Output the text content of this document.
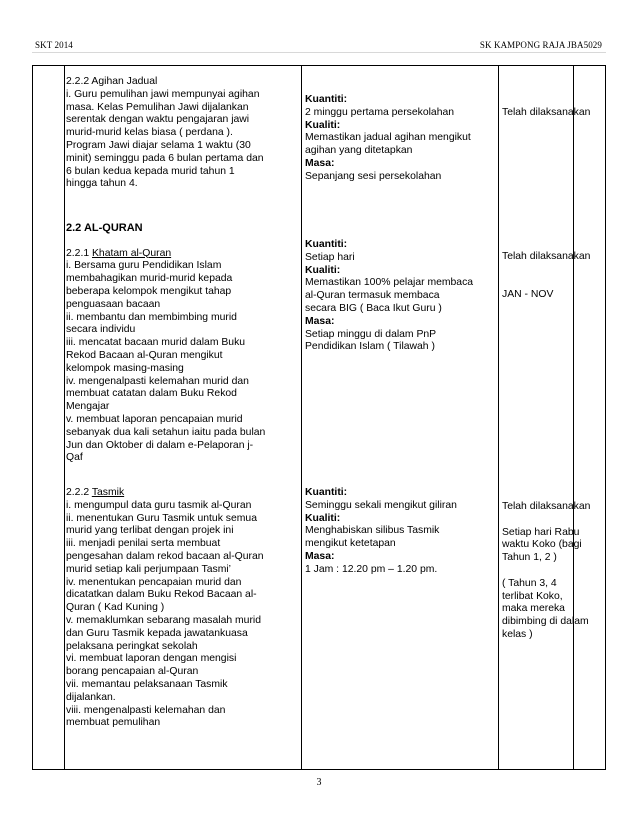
SKT 2014	SK KAMPONG RAJA JBA5029
2.2.2 Agihan Jadual
i. Guru pemulihan jawi mempunyai agihan
masa. Kelas Pemulihan Jawi dijalankan
serentak dengan waktu pengajaran jawi
murid-murid kelas biasa ( perdana ).
Program Jawi diajar selama 1 waktu (30
minit) seminggu pada 6 bulan pertama dan
6 bulan kedua kepada murid tahun 1
hingga tahun 4.
2.2 AL-QURAN
2.2.1 Khatam al-Quran
i. Bersama guru Pendidikan Islam
membahagikan murid-murid kepada
beberapa kelompok mengikut tahap
penguasaan bacaan
ii. membantu dan membimbing murid
secara individu
iii. mencatat bacaan murid dalam Buku
Rekod Bacaan al-Quran mengikut
kelompok masing-masing
iv. mengenalpasti kelemahan murid dan
membuat catatan dalam Buku Rekod
Mengajar
v. membuat laporan pencapaian murid
sebanyak dua kali setahun iaitu pada bulan
Jun dan Oktober di dalam e-Pelaporan j-
Qaf
2.2.2 Tasmik
i. mengumpul data guru tasmik al-Quran
ii. menentukan Guru Tasmik untuk semua
murid yang terlibat dengan projek ini
iii. menjadi penilai serta membuat
pengesahan dalam rekod bacaan al-Quran
murid setiap kali perjumpaan Tasmi’
iv. menentukan pencapaian murid dan
dicatatkan dalam Buku Rekod Bacaan al-
Quran ( Kad Kuning )
v. memaklumkan sebarang masalah murid
dan Guru Tasmik kepada jawatankuasa
pelaksana peringkat sekolah
vi. membuat laporan dengan mengisi
borang pencapaian al-Quran
vii. memantau pelaksanaan Tasmik
dijalankan.
viii. mengenalpasti kelemahan dan
membuat pemulihan
Kuantiti:
2 minggu pertama persekolahan
Kualiti:
Memastikan jadual agihan mengikut
agihan yang ditetapkan
Masa:
Sepanjang sesi persekolahan
Kuantiti:
Setiap hari
Kualiti:
Memastikan 100% pelajar membaca
al-Quran termasuk membaca
secara BIG ( Baca Ikut Guru )
Masa:
Setiap minggu di dalam PnP
Pendidikan Islam ( Tilawah )
Kuantiti:
Seminggu sekali mengikut giliran
Kualiti:
Menghabiskan silibus Tasmik
mengikut ketetapan
Masa:
1 Jam : 12.20 pm – 1.20 pm.
Telah dilaksanakan
Telah dilaksanakan
JAN - NOV
Telah dilaksanakan
Setiap hari Rabu
waktu Koko (bagi
Tahun 1, 2 )
( Tahun 3, 4
terlibat Koko,
maka mereka
dibimbing di dalam
kelas )
3
